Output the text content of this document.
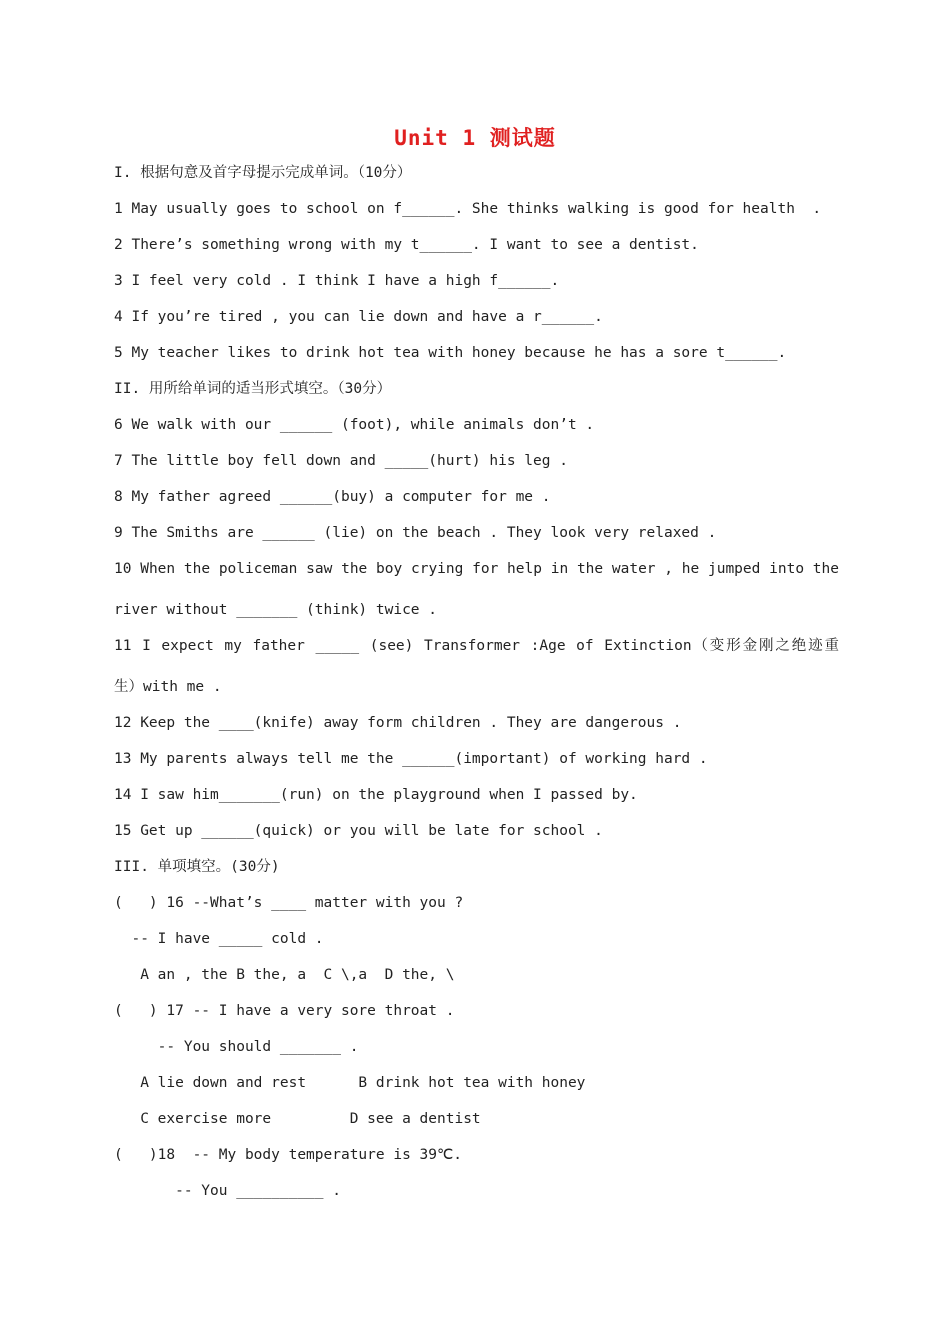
Unit 1 测试题
I. 根据句意及首字母提示完成单词。（10分）
1 May usually goes to school on f______. She thinks walking is good for health  .
2 There’s something wrong with my t______. I want to see a dentist.
3 I feel very cold . I think I have a high f______.
4 If you’re tired , you can lie down and have a r______.
5 My teacher likes to drink hot tea with honey because he has a sore t______.
II. 用所给单词的适当形式填空。（30分）
6 We walk with our ______ (foot), while animals don’t .
7 The little boy fell down and _____(hurt) his leg .
8 My father agreed ______(buy) a computer for me .
9 The Smiths are ______ (lie) on the beach . They look very relaxed .
10 When the policeman saw the boy crying for help in the water , he jumped into the
river without _______ (think) twice .
11 I expect my father _____ (see) Transformer :Age of Extinction（变形金刚之绝迹重
生）with me .
12 Keep the ____(knife) away form children . They are dangerous .
13 My parents always tell me the ______(important) of working hard .
14 I saw him_______(run) on the playground when I passed by.
15 Get up ______(quick) or you will be late for school .
III. 单项填空。(30分)
(   ) 16 --What’s ____ matter with you ?
-- I have _____ cold .
A an , the B the, a  C \,a  D the, \
(   ) 17 -- I have a very sore throat .
-- You should _______ .
A lie down and rest      B drink hot tea with honey
C exercise more         D see a dentist
(   )18  -- My body temperature is 39℃.
-- You __________ .
